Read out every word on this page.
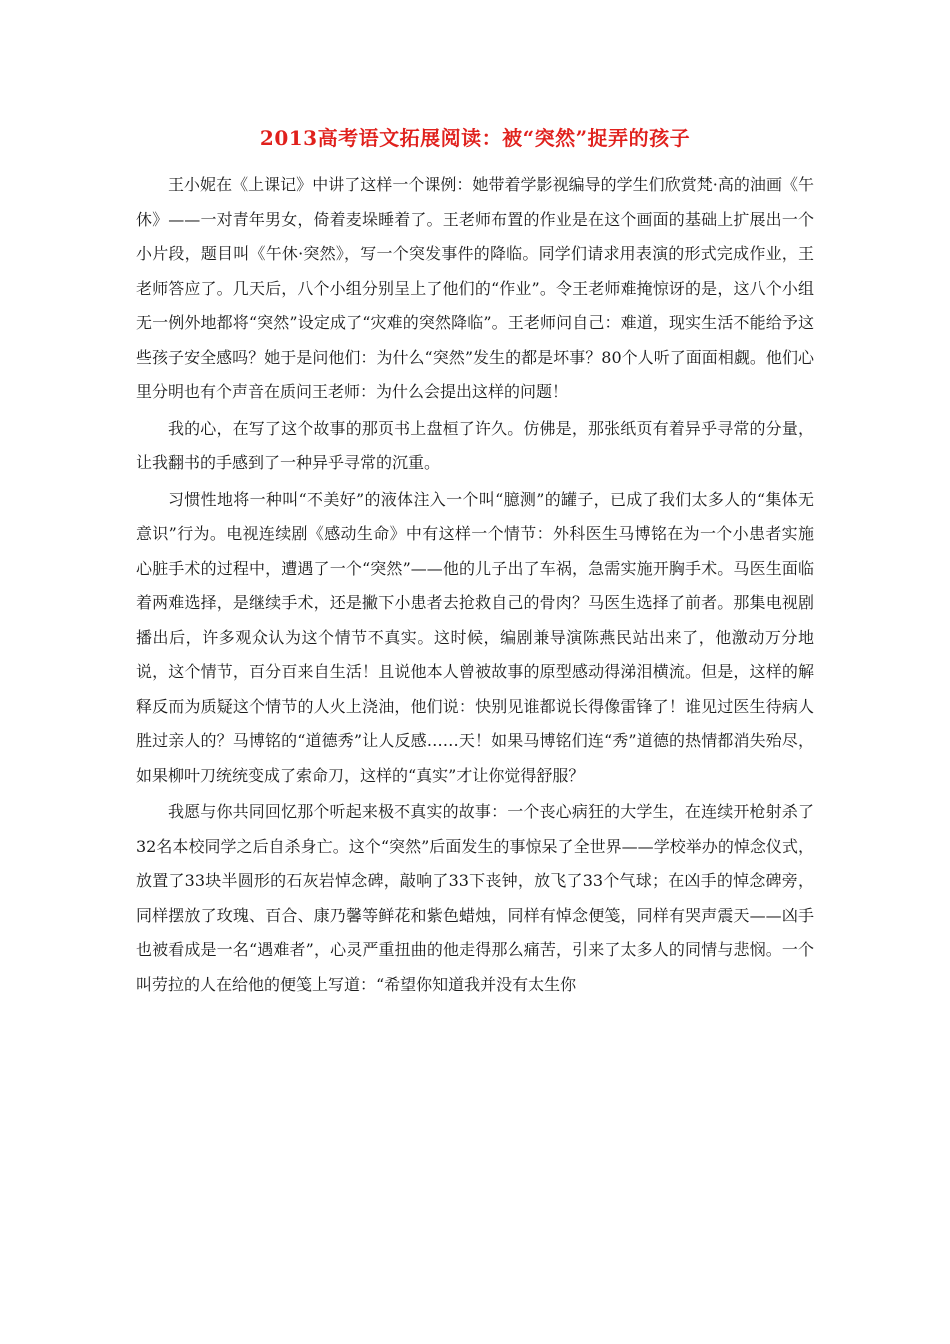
2013高考语文拓展阅读：被“突然”捉弄的孩子

王小妮在《上课记》中讲了这样一个课例：她带着学影视编导的学生们欣赏梵·高的油画《午休》——一对青年男女，倚着麦垛睡着了。王老师布置的作业是在这个画面的基础上扩展出一个小片段，题目叫《午休·突然》，写一个突发事件的降临。同学们请求用表演的形式完成作业，王老师答应了。几天后，八个小组分别呈上了他们的“作业”。令王老师难掩惊讶的是，这八个小组无一例外地都将“突然”设定成了“灾难的突然降临”。王老师问自己：难道，现实生活不能给予这些孩子安全感吗？她于是问他们：为什么“突然”发生的都是坏事？80个人听了面面相觑。他们心里分明也有个声音在质问王老师：为什么会提出这样的问题！

我的心，在写了这个故事的那页书上盘桓了许久。仿佛是，那张纸页有着异乎寻常的分量，让我翻书的手感到了一种异乎寻常的沉重。

习惯性地将一种叫“不美好”的液体注入一个叫“臆测”的罐子，已成了我们太多人的“集体无意识”行为。电视连续剧《感动生命》中有这样一个情节：外科医生马博铭在为一个小患者实施心脏手术的过程中，遭遇了一个“突然”——他的儿子出了车祸，急需实施开胸手术。马医生面临着两难选择，是继续手术，还是撇下小患者去抢救自己的骨肉？马医生选择了前者。那集电视剧播出后，许多观众认为这个情节不真实。这时候，编剧兼导演陈燕民站出来了，他激动万分地说，这个情节，百分百来自生活！且说他本人曾被故事的原型感动得涕泪横流。但是，这样的解释反而为质疑这个情节的人火上浇油，他们说：快别见谁都说长得像雷锋了！谁见过医生待病人胜过亲人的？马博铭的“道德秀”让人反感……天！如果马博铭们连“秀”道德的热情都消失殆尽，如果柳叶刀统统变成了索命刀，这样的“真实”才让你觉得舒服？

我愿与你共同回忆那个听起来极不真实的故事：一个丧心病狂的大学生，在连续开枪射杀了32名本校同学之后自杀身亡。这个“突然”后面发生的事惊呆了全世界——学校举办的悼念仪式，放置了33块半圆形的石灰岩悼念碑，敲响了33下丧钟，放飞了33个气球；在凶手的悼念碑旁，同样摆放了玫瑰、百合、康乃馨等鲜花和紫色蜡烛，同样有悼念便笺，同样有哭声震天——凶手也被看成是一名“遇难者”，心灵严重扭曲的他走得那么痛苦，引来了太多人的同情与悲悯。一个叫劳拉的人在给他的便笺上写道：“希望你知道我并没有太生你
